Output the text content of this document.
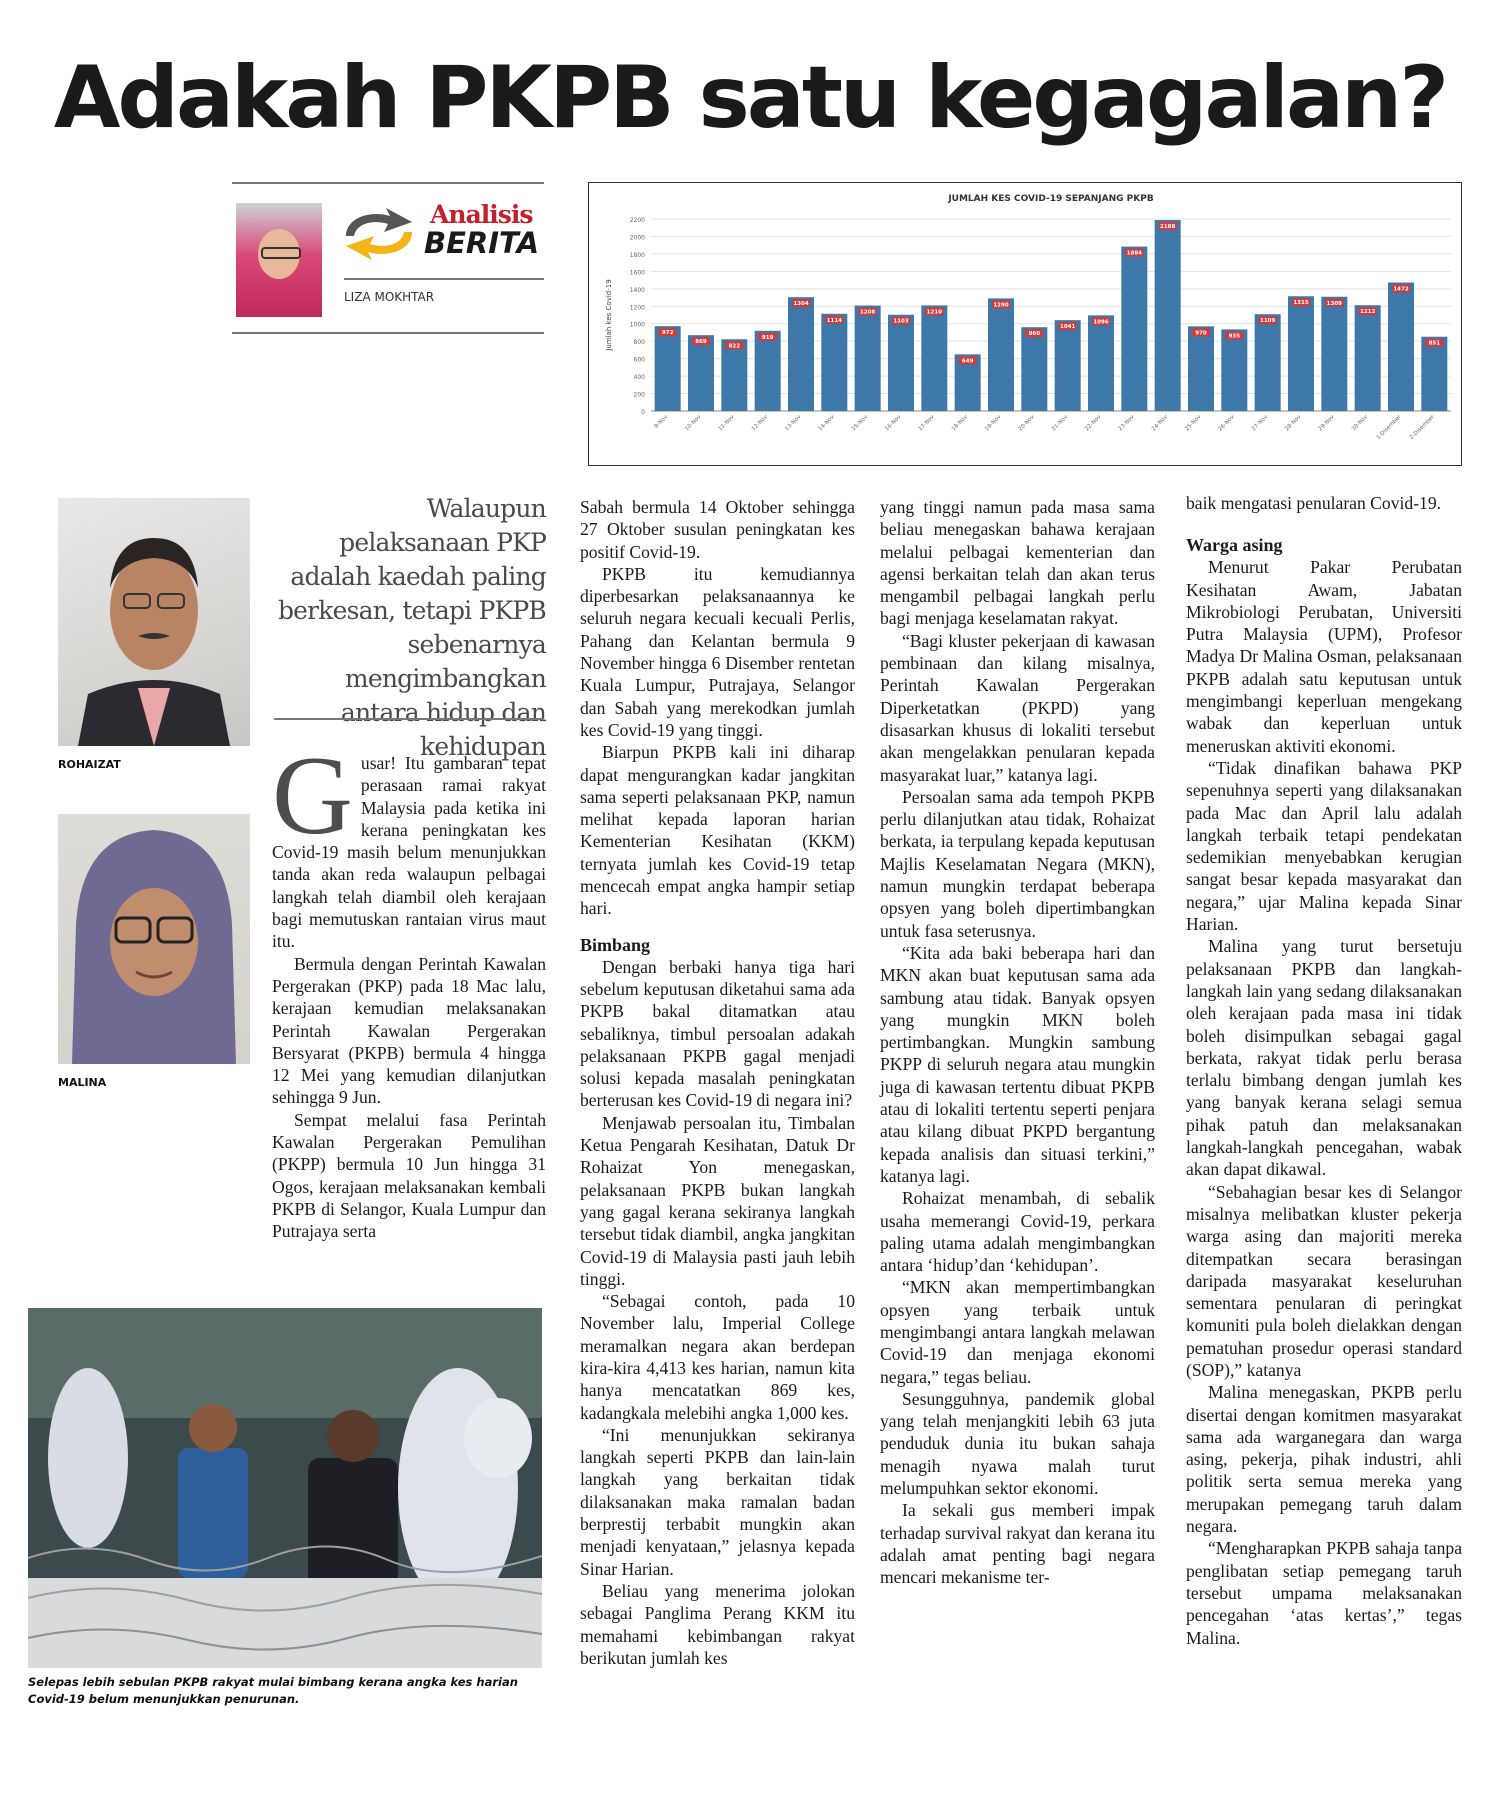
Adakah PKPB satu kegagalan?
Analisis
BERITA
LIZA MOKHTAR
JUMLAH KES COVID-19 SEPANJANG PKPB
0
200
400
600
800
1000
1200
1400
1600
1800
2000
2200
Jumlah kes Covid-19	972
9-Nov
869
10-Nov
822
11-Nov
919
12-Nov
1304
13-Nov
1114
14-Nov
1208
15-Nov
1103
16-Nov
1210
17-Nov
649
18-Nov
1290
19-Nov
960
20-Nov
1041
21-Nov
1096
22-Nov
1884
23-Nov
2188
24-Nov
970
25-Nov
935
26-Nov
1109
27-Nov
1315
28-Nov
1309
29-Nov
1212
30-Nov
1472
1-Disember
851
2-Disember
ROHAIZAT
MALINA
Walaupun pelaksanaan PKP adalah kaedah paling berkesan, tetapi PKPB sebenarnya mengimbangkan antara hidup dan kehidupan
G usar! Itu gambaran tepat perasaan ramai rakyat Malaysia pada ketika ini kerana peningkatan kes Covid-19 masih belum menunjukkan tanda akan reda walaupun pelbagai langkah telah diambil oleh kerajaan bagi memutuskan rantaian virus maut itu.

Bermula dengan Perintah Kawalan Pergerakan (PKP) pada 18 Mac lalu, kerajaan kemudian melaksanakan Perintah Kawalan Pergerakan Bersyarat (PKPB) bermula 4 hingga 12 Mei yang kemudian dilanjutkan sehingga 9 Jun.

Sempat melalui fasa Perintah Kawalan Pergerakan Pemulihan (PKPP) bermula 10 Jun hingga 31 Ogos, kerajaan melaksanakan kembali PKPB di Selangor, Kuala Lumpur dan Putrajaya serta

Sabah bermula 14 Oktober sehingga 27 Oktober susulan peningkatan kes positif Covid-19.

PKPB itu kemudiannya diperbesarkan pelaksanaannya ke seluruh negara kecuali kecuali Perlis, Pahang dan Kelantan bermula 9 November hingga 6 Disember rentetan Kuala Lumpur, Putrajaya, Selangor dan Sabah yang merekodkan jumlah kes Covid-19 yang tinggi.

Biarpun PKPB kali ini diharap dapat mengurangkan kadar jangkitan sama seperti pelaksanaan PKP, namun melihat kepada laporan harian Kementerian Kesihatan (KKM) ternyata jumlah kes Covid-19 tetap mencecah empat angka hampir setiap hari.

Bimbang

Dengan berbaki hanya tiga hari sebelum keputusan diketahui sama ada PKPB bakal ditamatkan atau sebaliknya, timbul persoalan adakah pelaksanaan PKPB gagal menjadi solusi kepada masalah peningkatan berterusan kes Covid-19 di negara ini?

Menjawab persoalan itu, Timbalan Ketua Pengarah Kesihatan, Datuk Dr Rohaizat Yon menegaskan, pelaksanaan PKPB bukan langkah yang gagal kerana sekiranya langkah tersebut tidak diambil, angka jangkitan Covid-19 di Malaysia pasti jauh lebih tinggi.

“Sebagai contoh, pada 10 November lalu, Imperial College meramalkan negara akan berdepan kira-kira 4,413 kes harian, namun kita hanya mencatatkan 869 kes, kadangkala melebihi angka 1,000 kes.

“Ini menunjukkan sekiranya langkah seperti PKPB dan lain-lain langkah yang berkaitan tidak dilaksanakan maka ramalan badan berprestij terbabit mungkin akan menjadi kenyataan,” jelasnya kepada Sinar Harian.

Beliau yang menerima jolokan sebagai Panglima Perang KKM itu memahami kebimbangan rakyat berikutan jumlah kes

yang tinggi namun pada masa sama beliau menegaskan bahawa kerajaan melalui pelbagai kementerian dan agensi berkaitan telah dan akan terus mengambil pelbagai langkah perlu bagi menjaga keselamatan rakyat.

“Bagi kluster pekerjaan di kawasan pembinaan dan kilang misalnya, Perintah Kawalan Pergerakan Diperketatkan (PKPD) yang disasarkan khusus di lokaliti tersebut akan mengelakkan penularan kepada masyarakat luar,” katanya lagi.

Persoalan sama ada tempoh PKPB perlu dilanjutkan atau tidak, Rohaizat berkata, ia terpulang kepada keputusan Majlis Keselamatan Negara (MKN), namun mungkin terdapat beberapa opsyen yang boleh dipertimbangkan untuk fasa seterusnya.

“Kita ada baki beberapa hari dan MKN akan buat keputusan sama ada sambung atau tidak. Banyak opsyen yang mungkin MKN boleh pertimbangkan. Mungkin sambung PKPP di seluruh negara atau mungkin juga di kawasan tertentu dibuat PKPB atau di lokaliti tertentu seperti penjara atau kilang dibuat PKPD bergantung kepada analisis dan situasi terkini,” katanya lagi.

Rohaizat menambah, di sebalik usaha memerangi Covid-19, perkara paling utama adalah mengimbangkan antara ‘hidup’dan ‘kehidupan’.

“MKN akan mempertimbangkan opsyen yang terbaik untuk mengimbangi antara langkah melawan Covid-19 dan menjaga ekonomi negara,” tegas beliau.

Sesungguhnya, pandemik global yang telah menjangkiti lebih 63 juta penduduk dunia itu bukan sahaja menagih nyawa malah turut melumpuhkan sektor ekonomi.

Ia sekali gus memberi impak terhadap survival rakyat dan kerana itu adalah amat penting bagi negara mencari mekanisme ter-

baik mengatasi penularan Covid-19.

Warga asing

Menurut Pakar Perubatan Kesihatan Awam, Jabatan Mikrobiologi Perubatan, Universiti Putra Malaysia (UPM), Profesor Madya Dr Malina Osman, pelaksanaan PKPB adalah satu keputusan untuk mengimbangi keperluan mengekang wabak dan keperluan untuk meneruskan aktiviti ekonomi.

“Tidak dinafikan bahawa PKP sepenuhnya seperti yang dilaksanakan pada Mac dan April lalu adalah langkah terbaik tetapi pendekatan sedemikian menyebabkan kerugian sangat besar kepada masyarakat dan negara,” ujar Malina kepada Sinar Harian.

Malina yang turut bersetuju pelaksanaan PKPB dan langkah-langkah lain yang sedang dilaksanakan oleh kerajaan pada masa ini tidak boleh disimpulkan sebagai gagal berkata, rakyat tidak perlu berasa terlalu bimbang dengan jumlah kes yang banyak kerana selagi semua pihak patuh dan melaksanakan langkah-langkah pencegahan, wabak akan dapat dikawal.

“Sebahagian besar kes di Selangor misalnya melibatkan kluster pekerja warga asing dan majoriti mereka ditempatkan secara berasingan daripada masyarakat keseluruhan sementara penularan di peringkat komuniti pula boleh dielakkan dengan pematuhan prosedur operasi standard (SOP),” katanya

Malina menegaskan, PKPB perlu disertai dengan komitmen masyarakat sama ada warganegara dan warga asing, pekerja, pihak industri, ahli politik serta semua mereka yang merupakan pemegang taruh dalam negara.

“Mengharapkan PKPB sahaja tanpa penglibatan setiap pemegang taruh tersebut umpama melaksanakan pencegahan ‘atas kertas’,” tegas Malina.

Selepas lebih sebulan PKPB rakyat mulai bimbang kerana angka kes harian Covid-19 belum menunjukkan penurunan.
